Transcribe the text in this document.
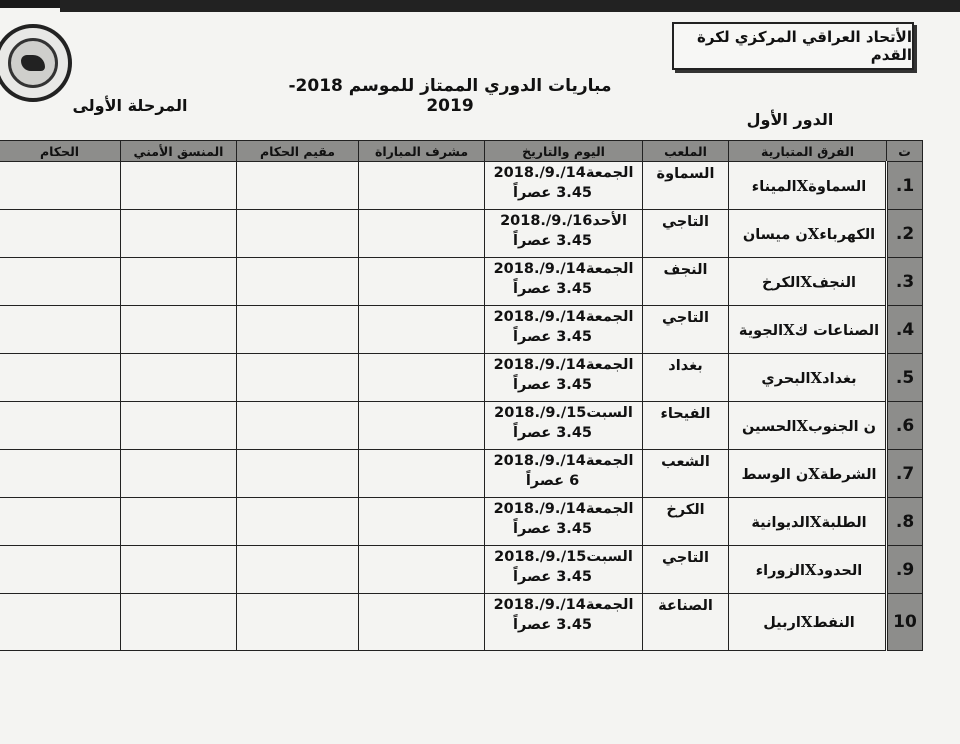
الأتحاد العراقي المركزي لكرة القدم
مباريات الدوري الممتاز للموسم 2018-2019
المرحلة الأولى
الدور الأول
ت	الفرق المتبارية	الملعب	اليوم والتاريخ	مشرف المباراة	مقيم الحكام	المنسق الأمني	الحكام
1.	السماوةXالميناء	السماوة	الجمعة14/.9/.2018
3.45 عصراً				

2.	الكهرباءXن ميسان	التاجي	الأحد16/.9/.2018
3.45 عصراً				

3.	النجفXالكرخ	النجف	الجمعة14/.9/.2018
3.45 عصراً				

4.	الصناعات كXالجوية	التاجي	الجمعة14/.9/.2018
3.45 عصراً				

5.	بغدادXالبحري	بغداد	الجمعة14/.9/.2018
3.45 عصراً				

6.	ن الجنوبXالحسين	الفيحاء	السبت15/.9/.2018
3.45 عصراً				

7.	الشرطةXن الوسط	الشعب	الجمعة14/.9/.2018
6 عصراً				

8.	الطلبةXالديوانية	الكرخ	الجمعة14/.9/.2018
3.45 عصراً				

9.	الحدودXالزوراء	التاجي	السبت15/.9/.2018
3.45 عصراً				

10	النفطXاربيل	الصناعة	الجمعة14/.9/.2018
3.45 عصراً				
